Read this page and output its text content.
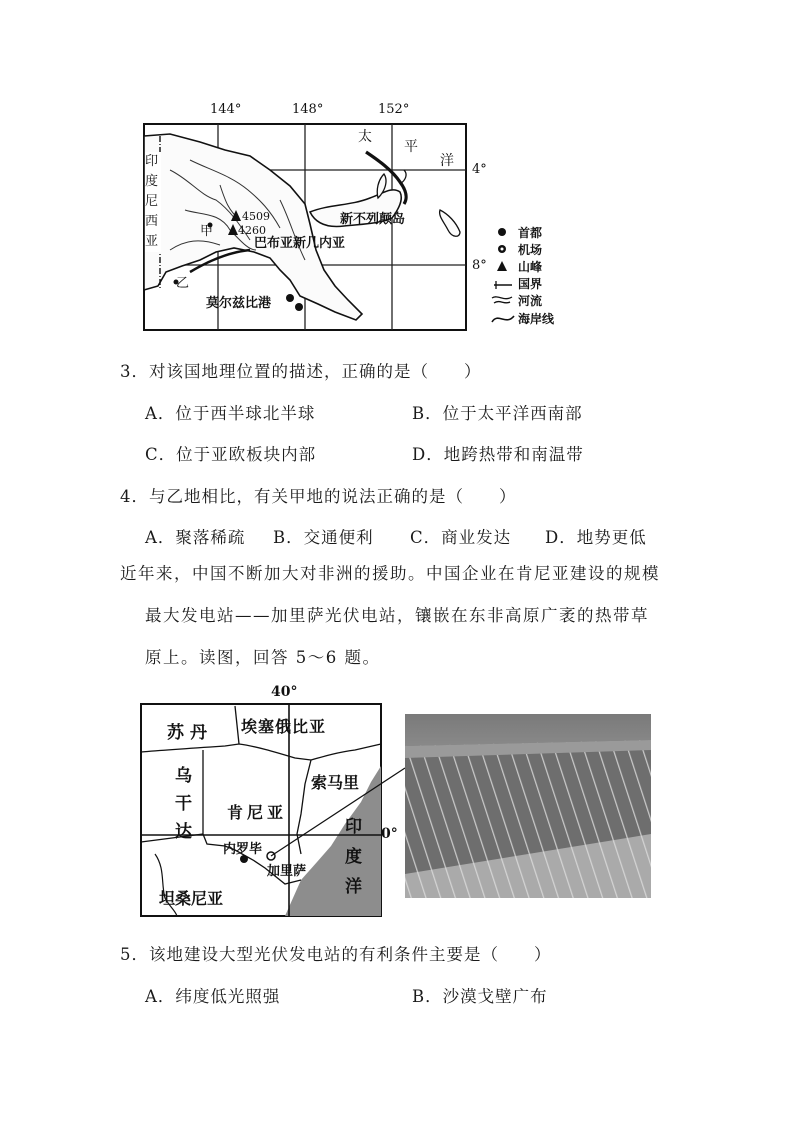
144°	148°	152°
4°
8°
太
平
洋
印度尼西亚
甲
乙
4509
4260
巴布亚新几内亚
新不列颠岛
莫尔兹比港
首都
机场
山峰
国界
河流
海岸线
3．对该国地理位置的描述，正确的是（　　）
A．位于西半球北半球	B．位于太平洋西南部
C．位于亚欧板块内部	D．地跨热带和南温带
4．与乙地相比，有关甲地的说法正确的是（　　）
A．聚落稀疏 B．交通便利 C．商业发达 D．地势更低
近年来，中国不断加大对非洲的援助。中国企业在肯尼亚建设的规模
最大发电站——加里萨光伏电站，镶嵌在东非高原广袤的热带草
原上。读图，回答 5～6 题。
40°
0°
苏丹 埃塞俄比亚
乌干达
肯尼亚
索马里
印度洋
内罗毕
加里萨
坦桑尼亚
5．该地建设大型光伏发电站的有利条件主要是（　　）
A．纬度低光照强	B．沙漠戈壁广布
